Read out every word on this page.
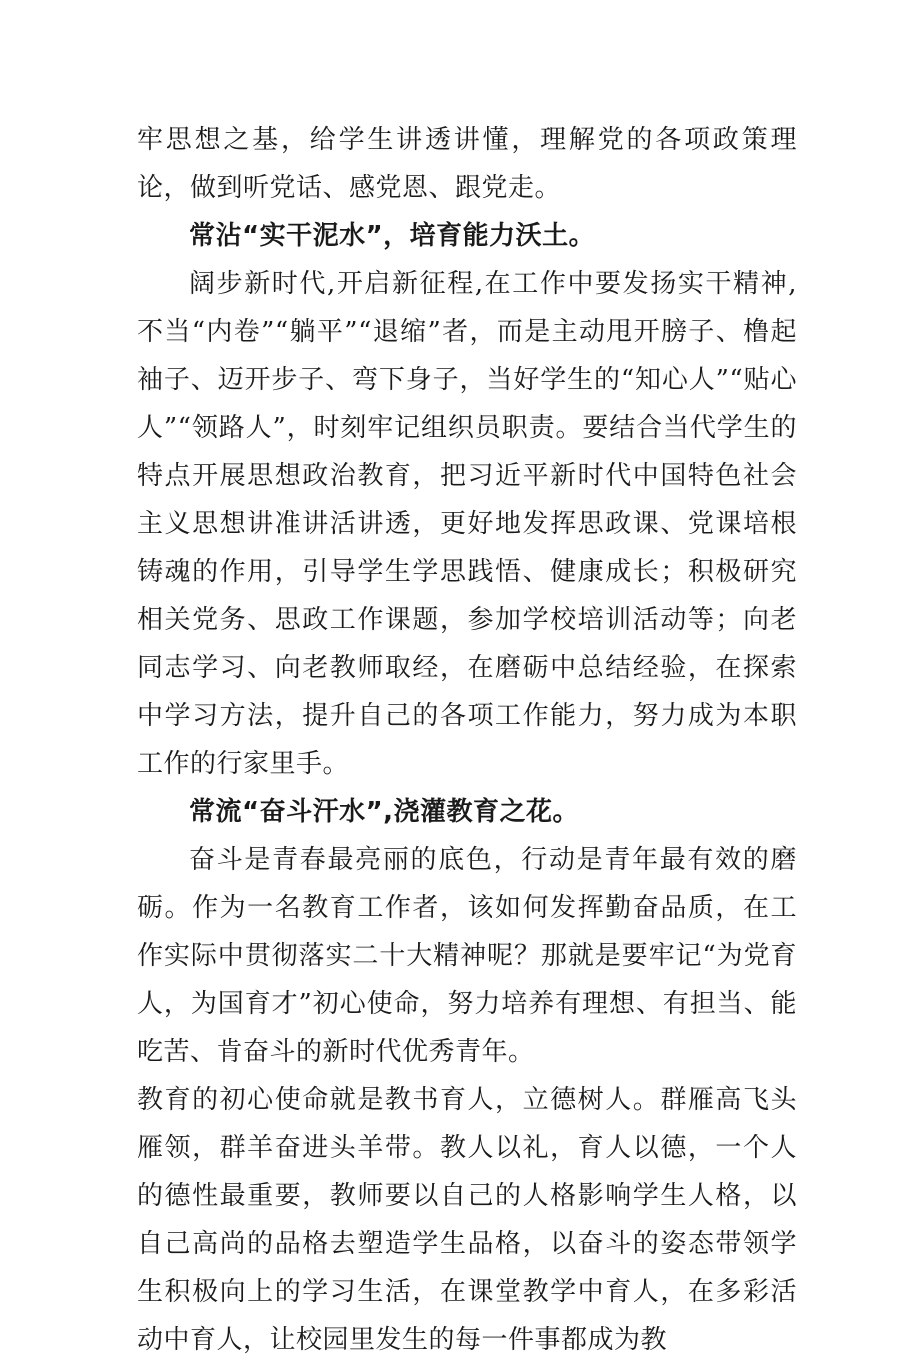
牢思想之基，给学生讲透讲懂，理解党的各项政策理论，做到听党话、感党恩、跟党走。

常沾“实干泥水”，培育能力沃土。

阔步新时代,开启新征程,在工作中要发扬实干精神,不当“内卷”“躺平”“退缩”者，而是主动甩开膀子、橹起袖子、迈开步子、弯下身子，当好学生的“知心人”“贴心人”“领路人”，时刻牢记组织员职责。要结合当代学生的特点开展思想政治教育，把习近平新时代中国特色社会主义思想讲准讲活讲透，更好地发挥思政课、党课培根铸魂的作用，引导学生学思践悟、健康成长；积极研究相关党务、思政工作课题，参加学校培训活动等；向老同志学习、向老教师取经，在磨砺中总结经验，在探索中学习方法，提升自己的各项工作能力，努力成为本职工作的行家里手。

常流“奋斗汗水”,浇灌教育之花。

奋斗是青春最亮丽的底色，行动是青年最有效的磨砺。作为一名教育工作者，该如何发挥勤奋品质，在工作实际中贯彻落实二十大精神呢？那就是要牢记“为党育人，为国育才”初心使命，努力培养有理想、有担当、能吃苦、肯奋斗的新时代优秀青年。

教育的初心使命就是教书育人，立德树人。群雁高飞头雁领，群羊奋进头羊带。教人以礼，育人以德，一个人的德性最重要，教师要以自己的人格影响学生人格，以自己高尚的品格去塑造学生品格，以奋斗的姿态带领学生积极向上的学习生活，在课堂教学中育人，在多彩活动中育人，让校园里发生的每一件事都成为教
